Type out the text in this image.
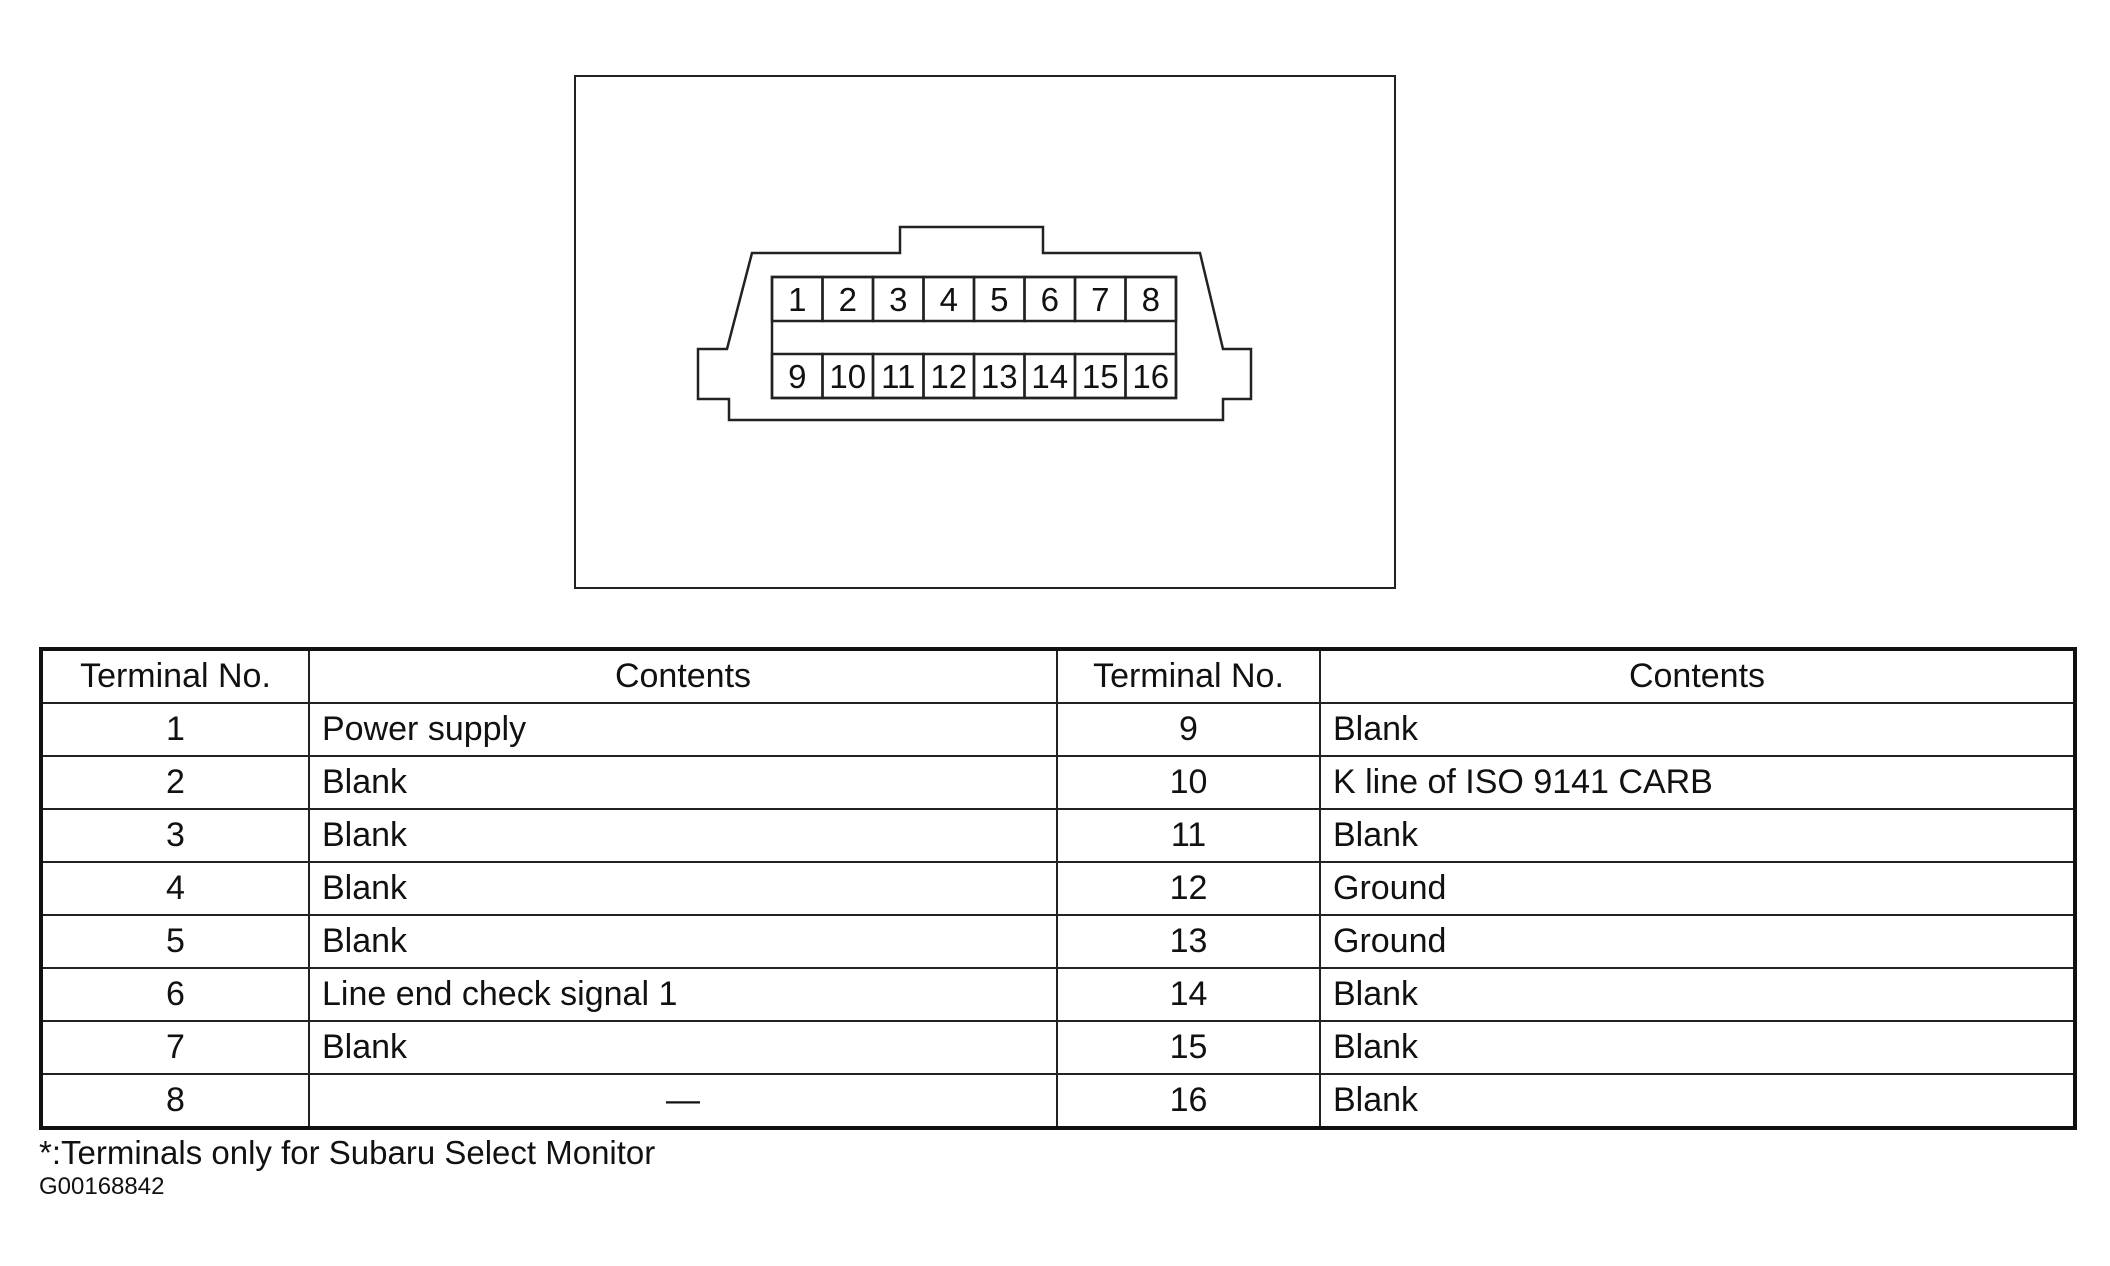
1 2 3 4 5 6 7 8
9 10 11 12 13 14 15 16
Terminal No.	Contents	Terminal No.	Contents
1	Power supply	9	Blank
2	Blank	10	K line of ISO 9141 CARB
3	Blank	11	Blank
4	Blank	12	Ground
5	Blank	13	Ground
6	Line end check signal 1	14	Blank
7	Blank	15	Blank
8	—	16	Blank
*:Terminals only for Subaru Select Monitor
G00168842
